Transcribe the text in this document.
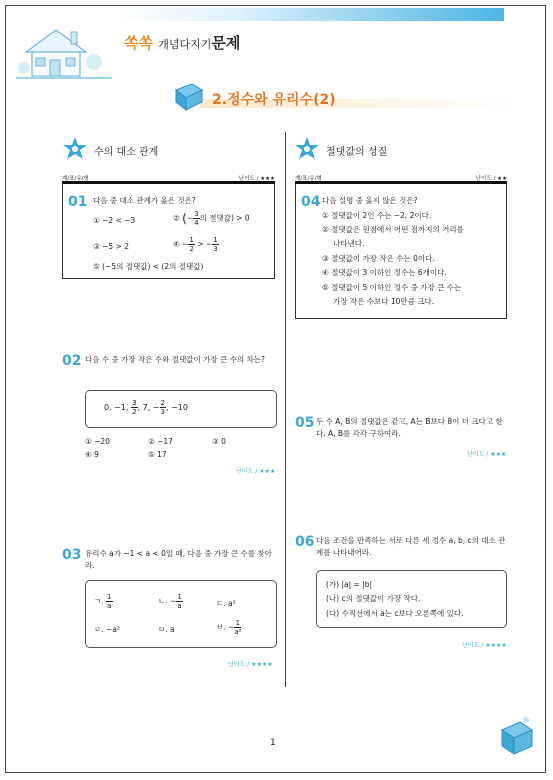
쏙쏙 개념다지기문제
2.정수와 유리수(2)
수의 대소 관계	절댓값의 성질
계/표/유/형	난이도 / ★★★
01 다음 중 대소 관계가 옳은 것은?
① −2 < −3	② (− $\frac{3}{4}$ 의 절댓값) > 0
③ −5 > 2	④ − $\frac{1}{2}$ > − $\frac{1}{3}$
⑤ (−5의 절댓값) < (2의 절댓값)
02 다음 수 중 가장 작은 수와 절댓값이 가장 큰 수의 차는?
0, −1, $\frac{3}{2}$ , 7, − $\frac{2}{3}$ , −10
① −20	② −17	③ 0
④ 9	⑤ 17
난이도 / ★★★
03 유리수 a가 −1 < a < 0일 때, 다음 중 가장 큰 수를 찾아라.
ㄱ. $\frac{1}{a}$	ㄴ. − $\frac{1}{a}$	ㄷ. a²
ㄹ. −a²	ㅁ. a	ㅂ. − $\frac{1}{\text{a²}}$
난이도 / ★★★★
계/표/유/형	난이도 / ★★
04 다음 설명 중 옳지 않은 것은?
① 절댓값이 2인 수는 −2, 2이다.
② 절댓값은 원점에서 어떤 점까지의 거리를
나타낸다.
③ 절댓값이 가장 작은 수는 0이다.
④ 절댓값이 3 이하인 정수는 6개이다.
⑤ 절댓값이 5 이하인 정수 중 가장 큰 수는
가장 작은 수보다 10만큼 크다.
05 두 수 A, B의 절댓값은 같고, A는 B보다 8이 더 크다고 한다. A, B를 각각 구하여라.
난이도 / ★★★
06 다음 조건을 만족하는 서로 다른 세 정수 a, b, c의 대소 관계를 나타내어라.
(가) |a| = |b|
(나) c의 절댓값이 가장 작다.
(다) 수직선에서 a는 c보다 오른쪽에 있다.
난이도 / ★★★★
1
